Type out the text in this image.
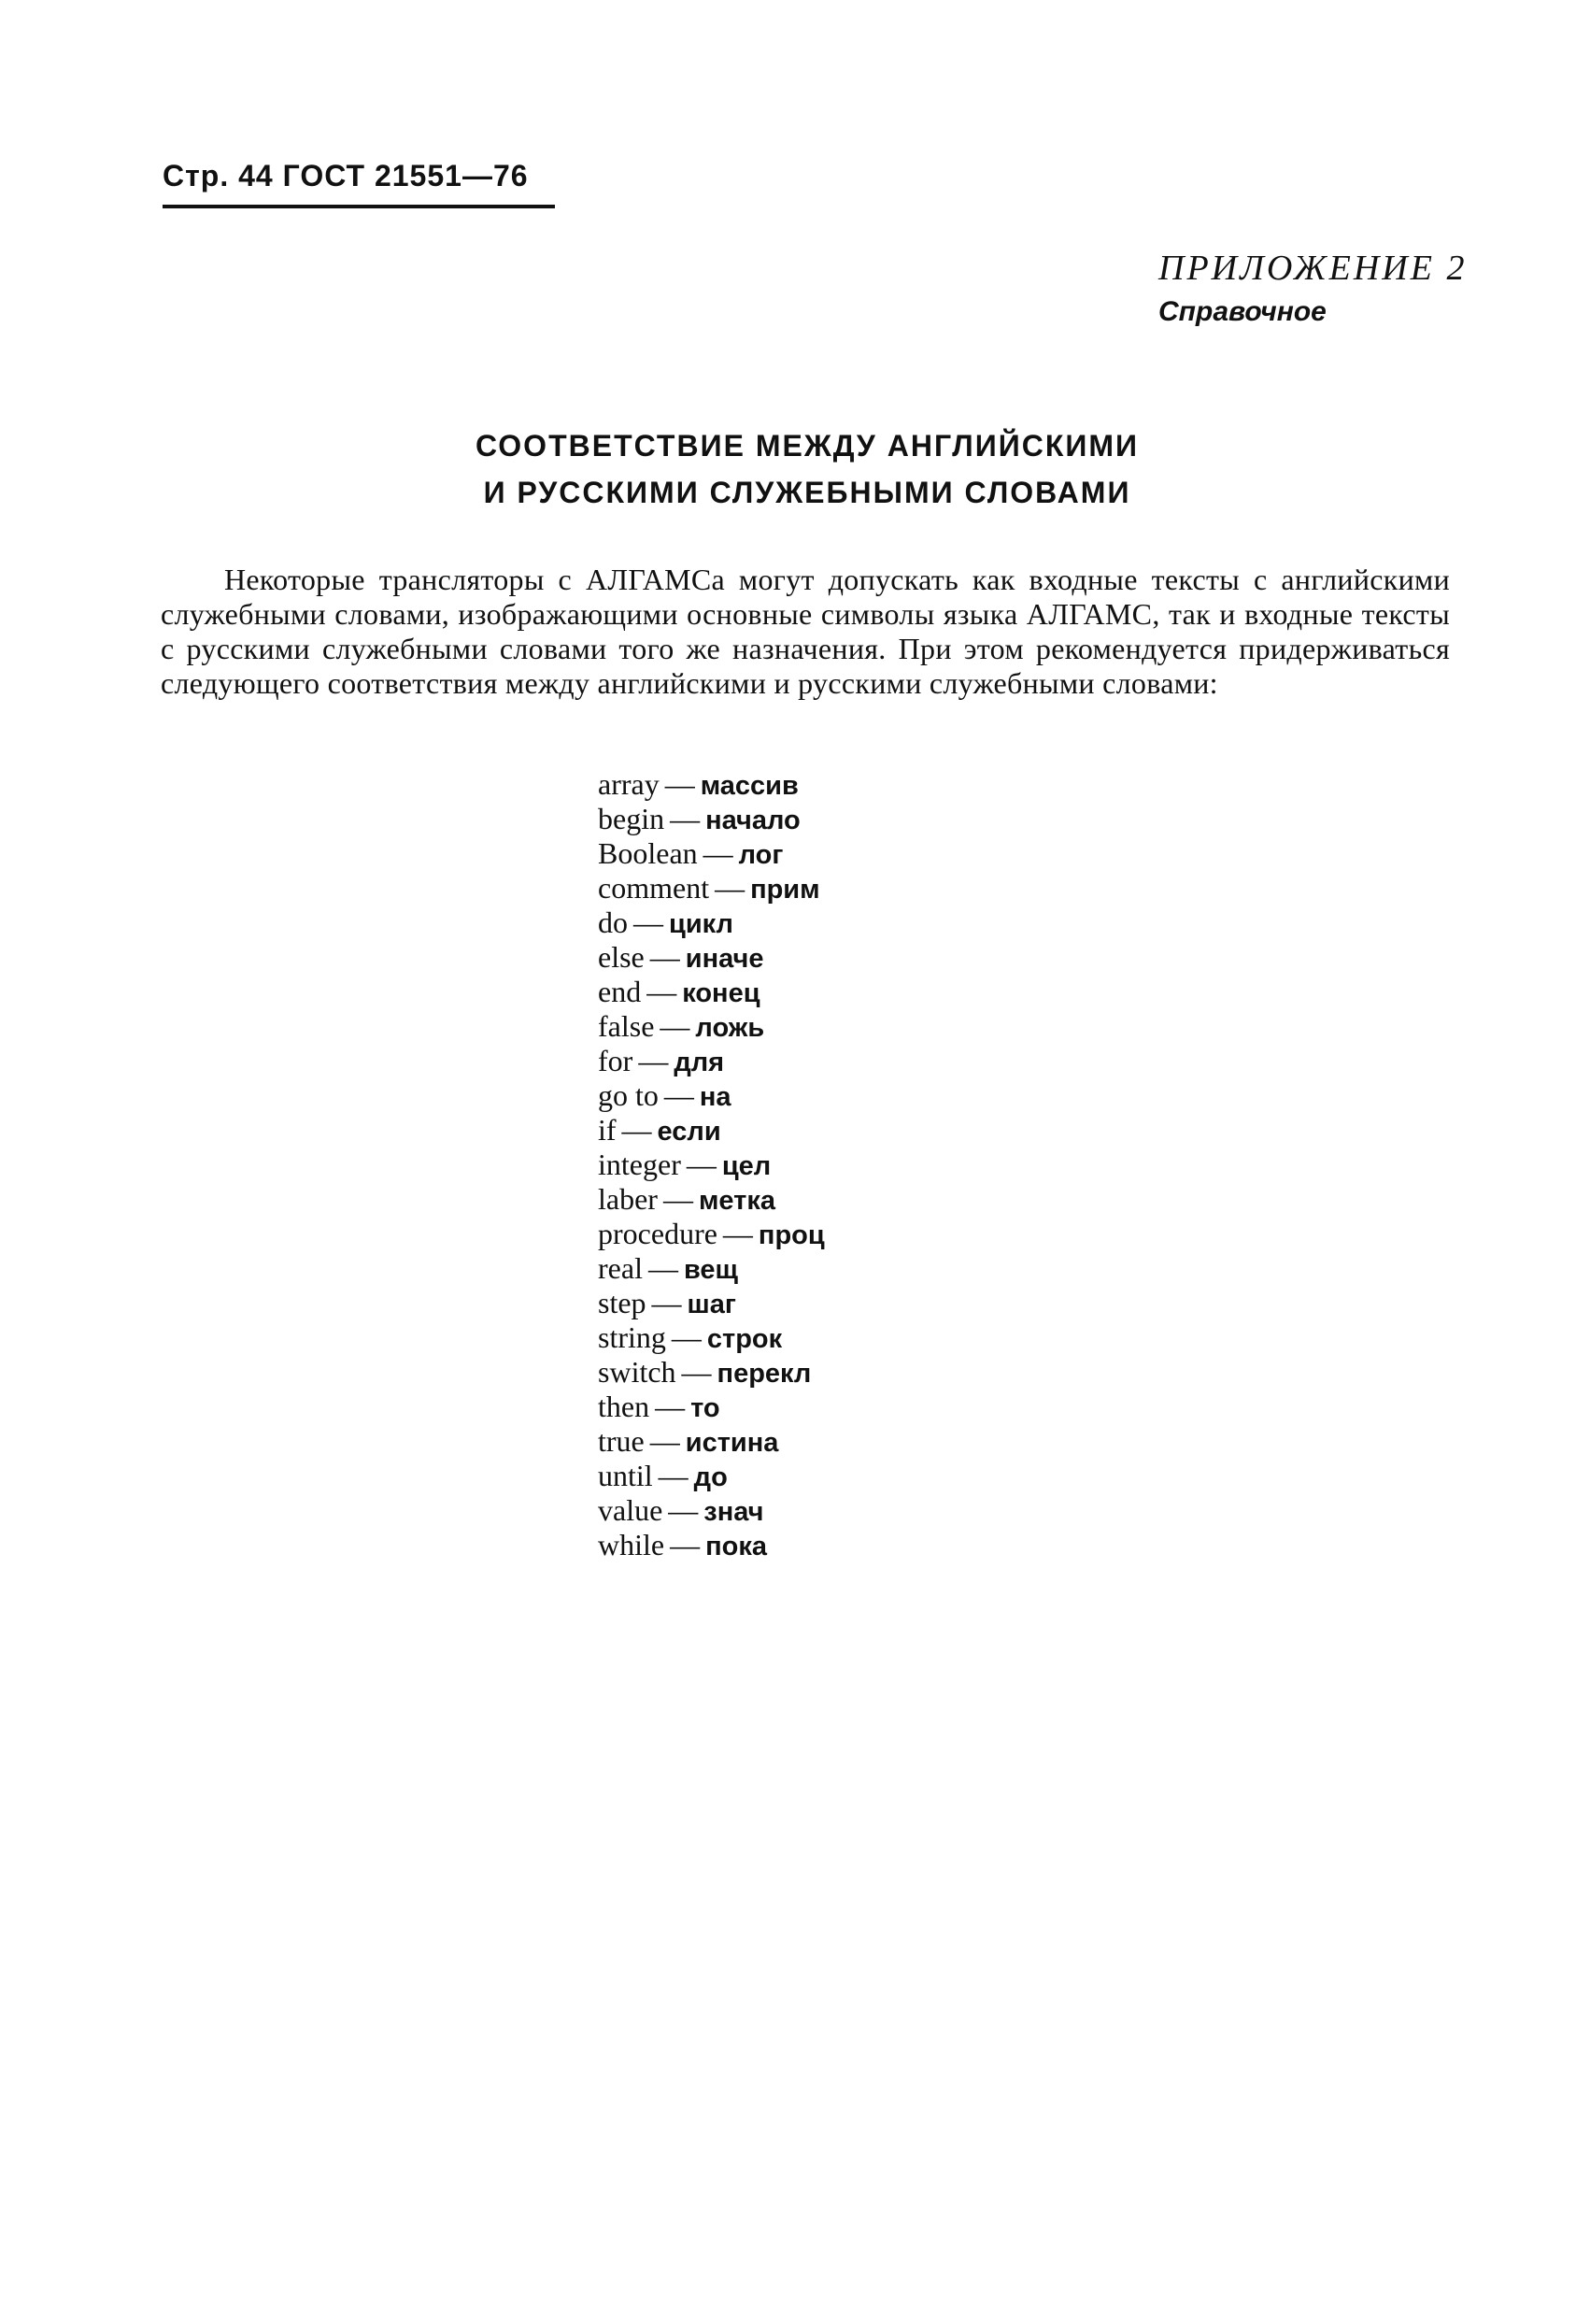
Стр. 44 ГОСТ 21551—76
ПРИЛОЖЕНИЕ 2
Справочное
СООТВЕТСТВИЕ МЕЖДУ АНГЛИЙСКИМИ
И РУССКИМИ СЛУЖЕБНЫМИ СЛОВАМИ

Некоторые трансляторы с АЛГАМСа могут допускать как входные тексты с английскими служебными словами, изображающими основные символы языка АЛГАМС, так и входные тексты с русскими служебными словами того же назначения. При этом рекомендуется придерживаться следующего соответствия между английскими и русскими служебными словами:

array — массив
begin — начало
Boolean — лог
comment — прим
do — цикл
else — иначе
end — конец
false — ложь
for — для
go to — на
if — если
integer — цел
laber — метка
procedure — проц
real — вещ
step — шаг
string — строк
switch — перекл
then — то
true — истина
until — до
value — знач
while — пока
